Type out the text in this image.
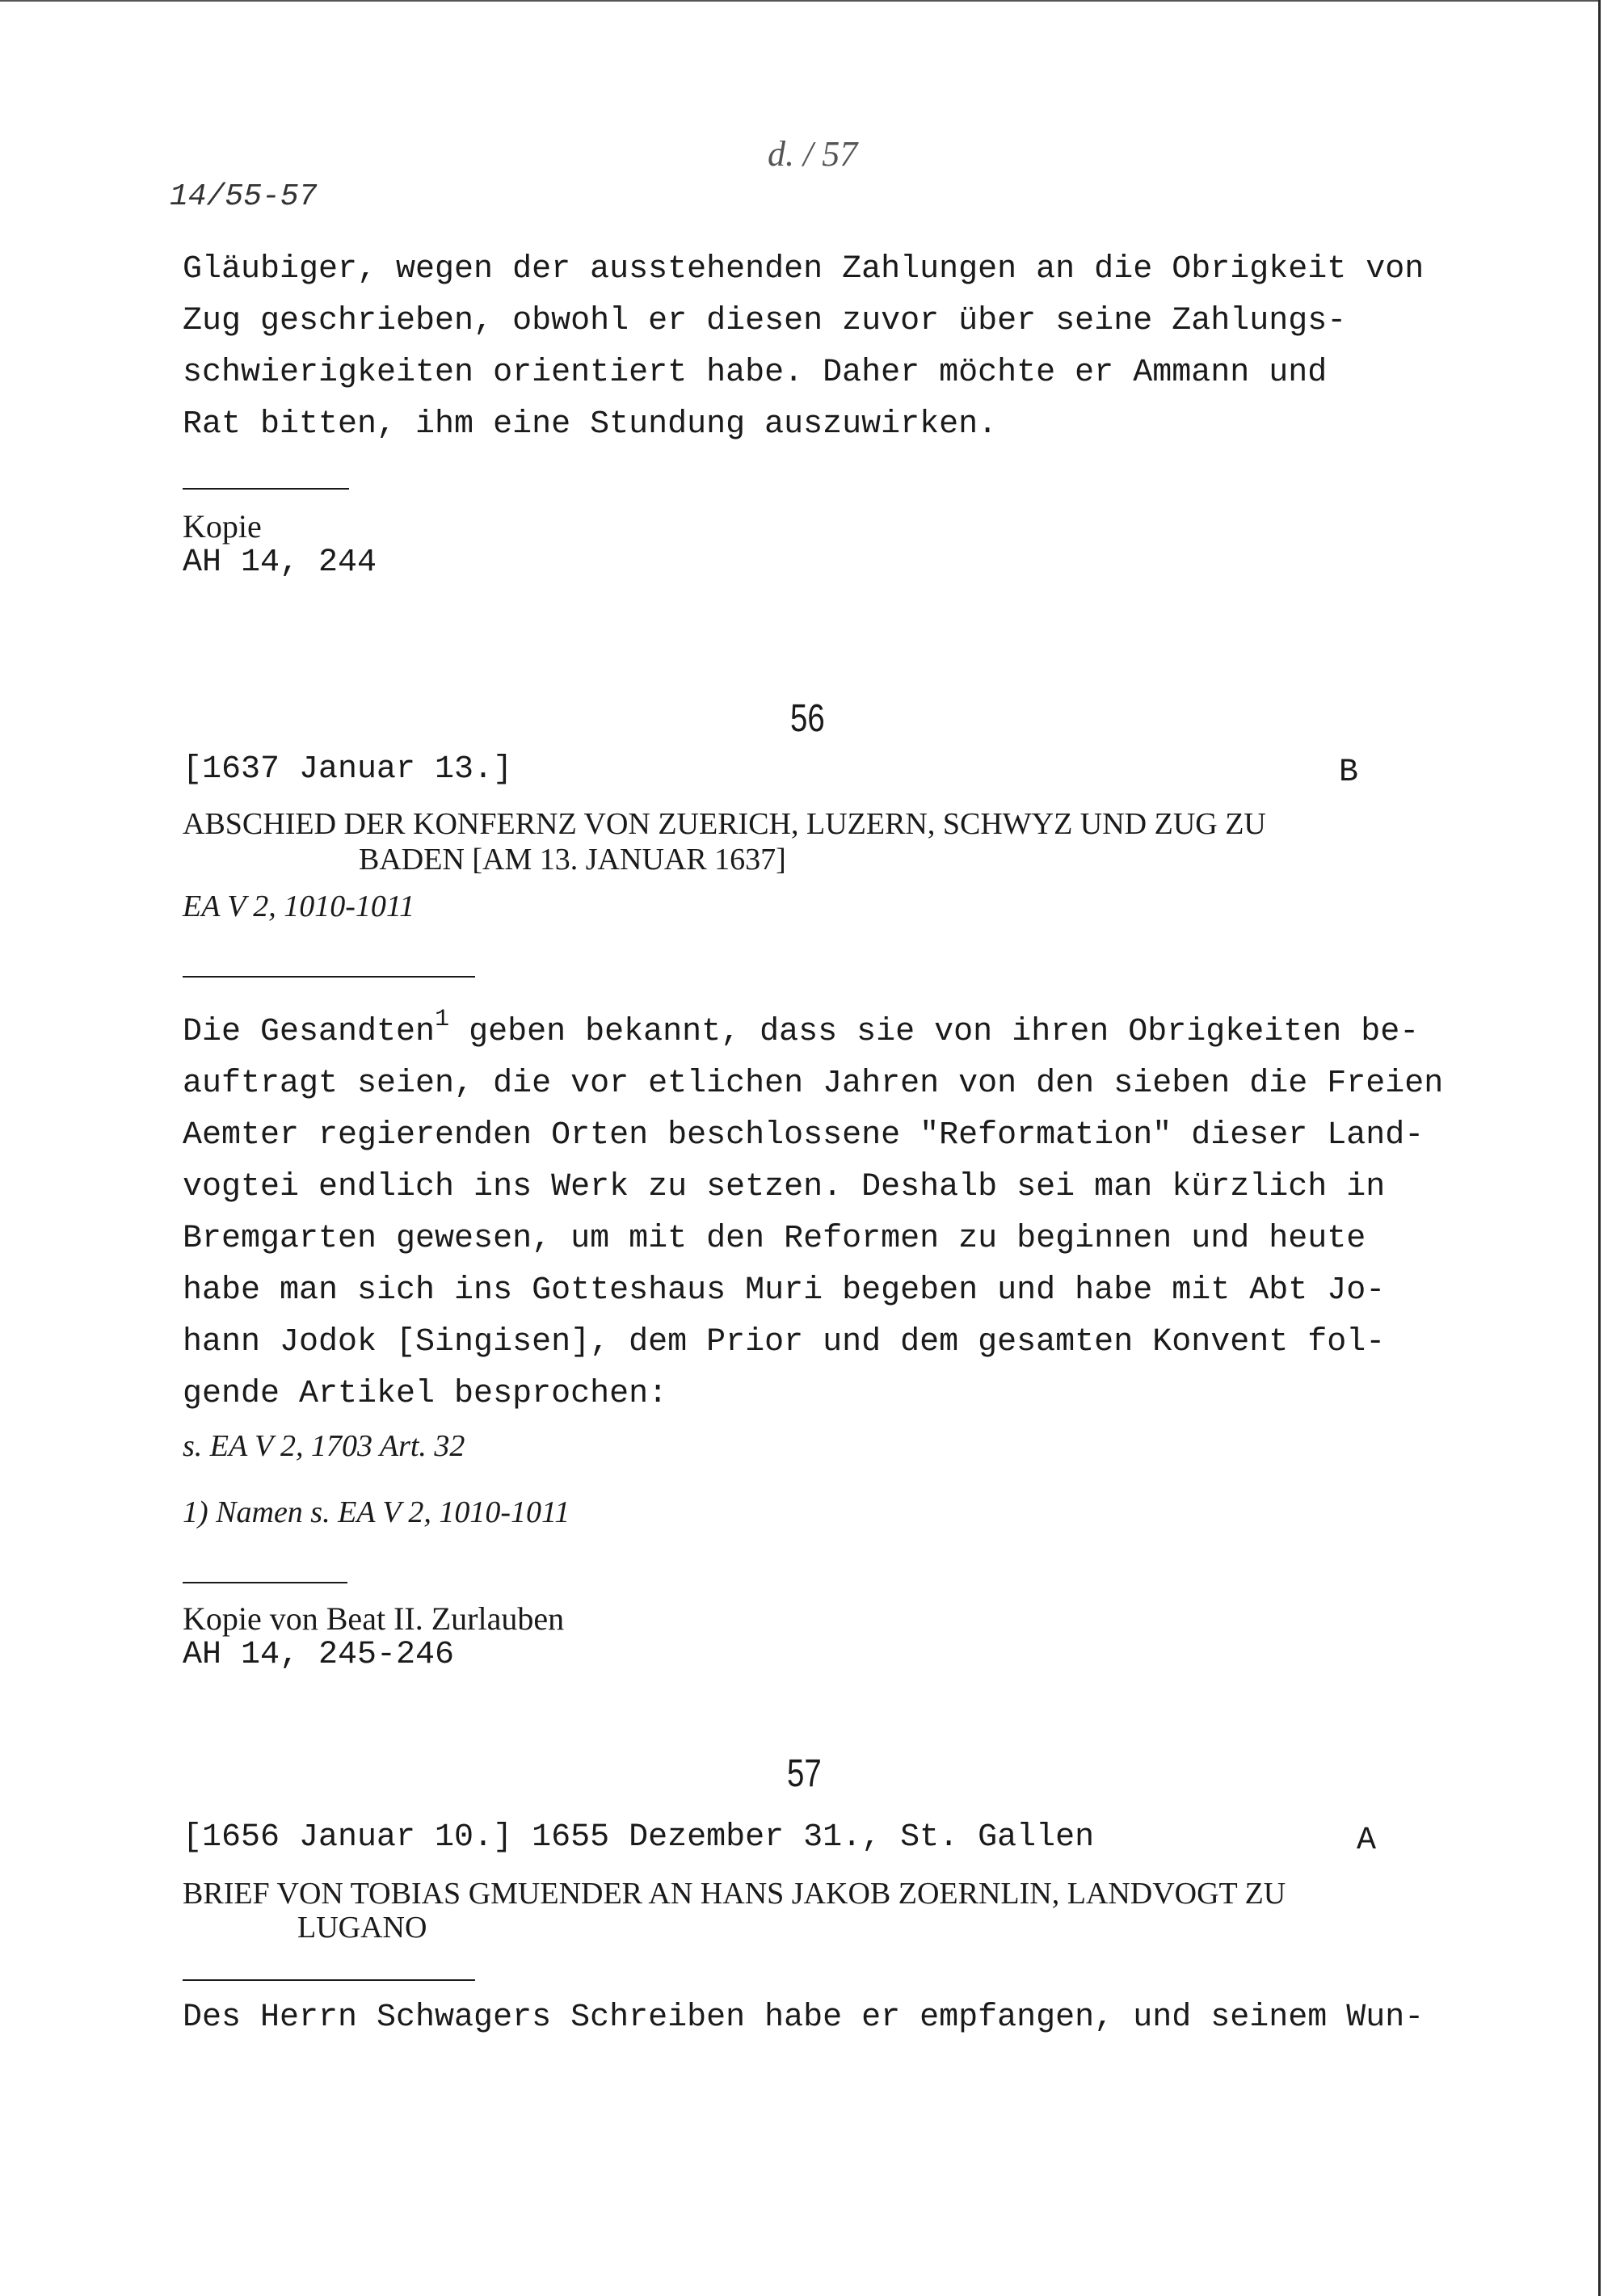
14/55-57
d. / 57
Gläubiger, wegen der ausstehenden Zahlungen an die Obrigkeit von
Zug geschrieben, obwohl er diesen zuvor über seine Zahlungs-
schwierigkeiten orientiert habe. Daher möchte er Ammann und
Rat bitten, ihm eine Stundung auszuwirken.
Kopie
AH 14, 244
56
[1637 Januar 13.]	B
ABSCHIED DER KONFERNZ VON ZUERICH, LUZERN, SCHWYZ UND ZUG ZU
BADEN [AM 13. JANUAR 1637]
EA V 2, 1010-1011
Die Gesandten$^1$ geben bekannt, dass sie von ihren Obrigkeiten be-
auftragt seien, die vor etlichen Jahren von den sieben die Freien
Aemter regierenden Orten beschlossene "Reformation" dieser Land-
vogtei endlich ins Werk zu setzen. Deshalb sei man kürzlich in
Bremgarten gewesen, um mit den Reformen zu beginnen und heute
habe man sich ins Gotteshaus Muri begeben und habe mit Abt Jo-
hann Jodok [Singisen], dem Prior und dem gesamten Konvent fol-
gende Artikel besprochen:
s. EA V 2, 1703 Art. 32
1) Namen s. EA V 2, 1010-1011
Kopie von Beat II. Zurlauben
AH 14, 245-246
57
[1656 Januar 10.] 1655 Dezember 31., St. Gallen	A
BRIEF VON TOBIAS GMUENDER AN HANS JAKOB ZOERNLIN, LANDVOGT ZU
LUGANO
Des Herrn Schwagers Schreiben habe er empfangen, und seinem Wun-
